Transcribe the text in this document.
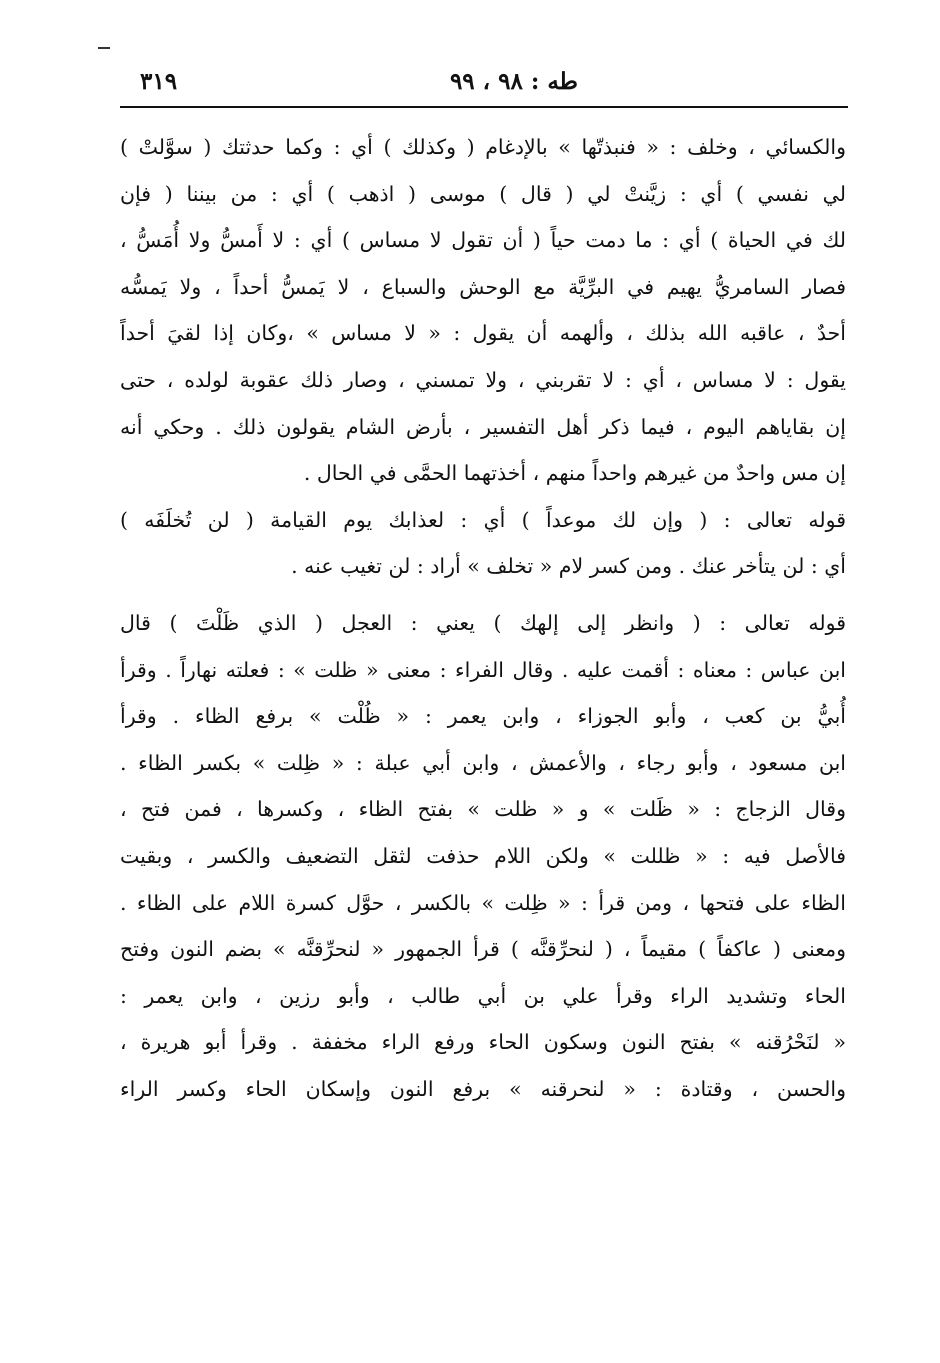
طه : ٩٨ ، ٩٩
٣١٩
والكسائي ، وخلف : « فنبذتّها » بالإدغام ( وكذلك ) أي : وكما حدثتك ( سوَّلتْ )
لي نفسي ) أي : زيَّنتْ لي ( قال ) موسى ( اذهب ) أي : من بيننا ( فإن
لك في الحياة ) أي : ما دمت حياً ( أن تقول لا مساس ) أي : لا أَمسُّ ولا أُمَسُّ ،
فصار السامريُّ يهيم في البرِّيَّة مع الوحش والسباع ، لا يَمسُّ أحداً ، ولا يَمسُّه
أحدٌ ، عاقبه الله بذلك ، وألهمه أن يقول : « لا مساس » ،وكان إذا لقيَ أحداً
يقول : لا مساس ، أي : لا تقربني ، ولا تمسني ، وصار ذلك عقوبة لولده ، حتى
إن بقاياهم اليوم ، فيما ذكر أهل التفسير ، بأرض الشام يقولون ذلك . وحكي أنه
إن مس واحدٌ من غيرهم واحداً منهم ، أخذتهما الحمَّى في الحال .
قوله تعالى : ( وإن لك موعداً ) أي : لعذابك يوم القيامة ( لن تُخلَفَه )
أي : لن يتأخر عنك . ومن كسر لام « تخلف » أراد : لن تغيب عنه .
قوله تعالى : ( وانظر إلى إلهك ) يعني : العجل ( الذي ظَلْتَ ) قال
ابن عباس : معناه : أقمت عليه . وقال الفراء : معنى « ظلت » : فعلته نهاراً . وقرأ
أُبيُّ بن كعب ، وأبو الجوزاء ، وابن يعمر : « ظُلْت » برفع الظاء . وقرأ
ابن مسعود ، وأبو رجاء ، والأعمش ، وابن أبي عبلة : « ظِلت » بكسر الظاء .
وقال الزجاج : « ظَلت » و « ظلت » بفتح الظاء ، وكسرها ، فمن فتح ،
فالأصل فيه : « ظللت » ولكن اللام حذفت لثقل التضعيف والكسر ، وبقيت
الظاء على فتحها ، ومن قرأ : « ظِلت » بالكسر ، حوَّل كسرة اللام على الظاء .
ومعنى ( عاكفاً ) مقيماً ، ( لنحرِّقنَّه ) قرأ الجمهور « لنحرِّقنَّه » بضم النون وفتح
الحاء وتشديد الراء وقرأ علي بن أبي طالب ، وأبو رزين ، وابن يعمر :
« لنَحْرُقنه » بفتح النون وسكون الحاء ورفع الراء مخففة . وقرأ أبو هريرة ،
والحسن ، وقتادة : « لنحرقنه » برفع النون وإسكان الحاء وكسر الراء
